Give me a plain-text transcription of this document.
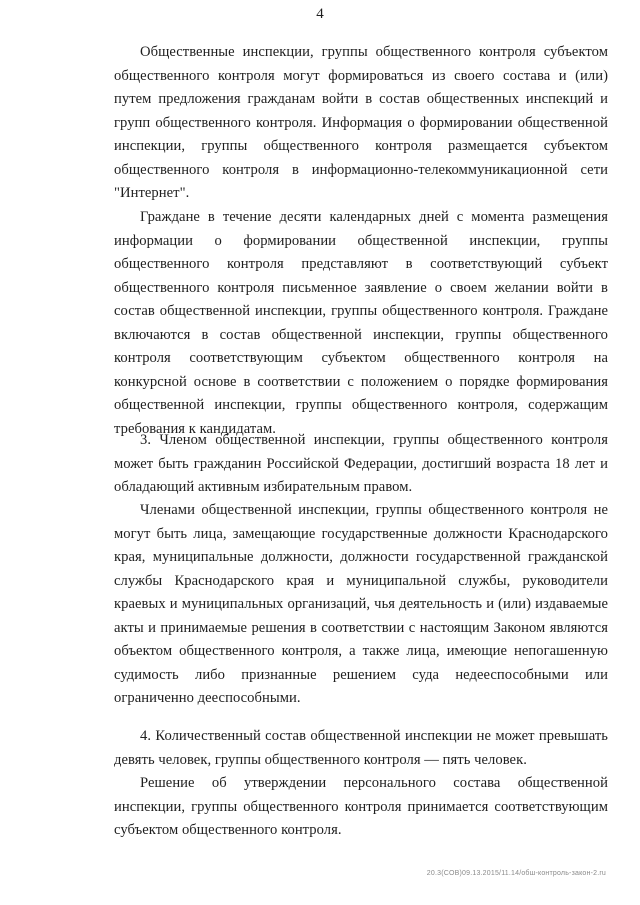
4

Общественные инспекции, группы общественного контроля субъектом общественного контроля могут формироваться из своего состава и (или) путем предложения гражданам войти в состав общественных инспекций и групп общественного контроля. Информация о формировании общественной инспекции, группы общественного контроля размещается субъектом общественного контроля в информационно-телекоммуникационной сети "Интернет".

Граждане в течение десяти календарных дней с момента размещения информации о формировании общественной инспекции, группы общественного контроля представляют в соответствующий субъект общественного контроля письменное заявление о своем желании войти в состав общественной инспекции, группы общественного контроля. Граждане включаются в состав общественной инспекции, группы общественного контроля соответствующим субъектом общественного контроля на конкурсной основе в соответствии с положением о порядке формирования общественной инспекции, группы общественного контроля, содержащим требования к кандидатам.

3. Членом общественной инспекции, группы общественного контроля может быть гражданин Российской Федерации, достигший возраста 18 лет и обладающий активным избирательным правом.

Членами общественной инспекции, группы общественного контроля не могут быть лица, замещающие государственные должности Краснодарского края, муниципальные должности, должности государственной гражданской службы Краснодарского края и муниципальной службы, руководители краевых и муниципальных организаций, чья деятельность и (или) издаваемые акты и принимаемые решения в соответствии с настоящим Законом являются объектом общественного контроля, а также лица, имеющие непогашенную судимость либо признанные решением суда недееспособными или ограниченно дееспособными.

4. Количественный состав общественной инспекции не может превышать девять человек, группы общественного контроля — пять человек.

Решение об утверждении персонального состава общественной инспекции, группы общественного контроля принимается соответствующим субъектом общественного контроля.

20.3(COB)09.13.2015/11.14/обш-контроль-закон-2.ru
